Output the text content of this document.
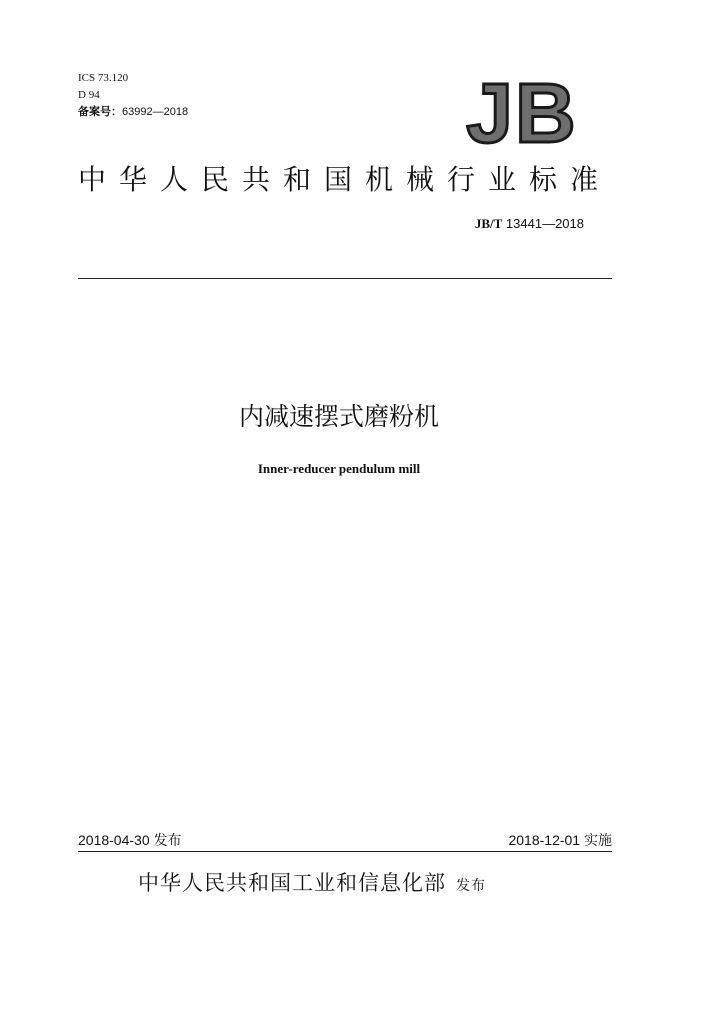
ICS 73.120
D 94
备案号：63992—2018	JB
中华人民共和国机械行业标准
JB/T 13441—2018
内减速摆式磨粉机
Inner-reducer pendulum mill
2018-04-30 发布	2018-12-01 实施
中华人民共和国工业和信息化部 发布
